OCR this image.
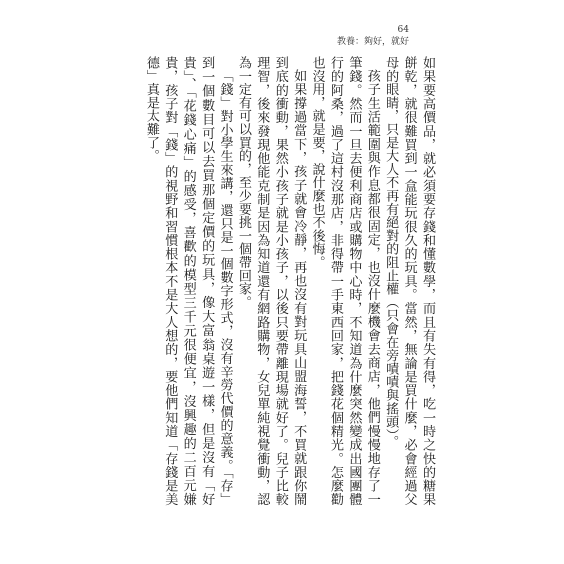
64
教養：夠好，就好

如果要高價品，就必須要存錢和懂數學，而且有失有得，吃一時之快的糖果餅乾，就很難買到一盒能玩很久的玩具。當然，無論是買什麼，必會經過父母的眼睛，只是大人不再有絕對的阻止權（只會在旁嘖嘖與搖頭）。

孩子生活範圍與作息都很固定，也沒什麼機會去商店，他們慢慢地存了一筆錢。然而一旦去便利商店或購物中心時，不知道為什麼突然變成出國團體行的阿桑，過了這村沒那店，非得帶一手東西回家，把錢花個精光。怎麼勸也沒用，就是要，說什麼也不後悔。

如果撐過當下，孩子就會冷靜，再也沒有對玩具山盟海誓，不買就跟你鬧到底的衝動，果然小孩子就是小孩子，以後只要帶離現場就好了。兒子比較理智，後來發現他能克制是因為知道還有網路購物，女兒單純視覺衝動，認為一定有可以買的，至少要挑一個帶回家。

「錢」對小學生來講，還只是一個數字形式，沒有辛勞代價的意義。「存」到一個數目可以去買那個定價的玩具，像大富翁桌遊一樣，但是沒有「好貴」、「花錢心痛」的感受，喜歡的模型三千元很便宜，沒興趣的二百元嫌貴，孩子對「錢」的視野和習慣根本不是大人想的，要他們知道「存錢是美德」真是太難了。
